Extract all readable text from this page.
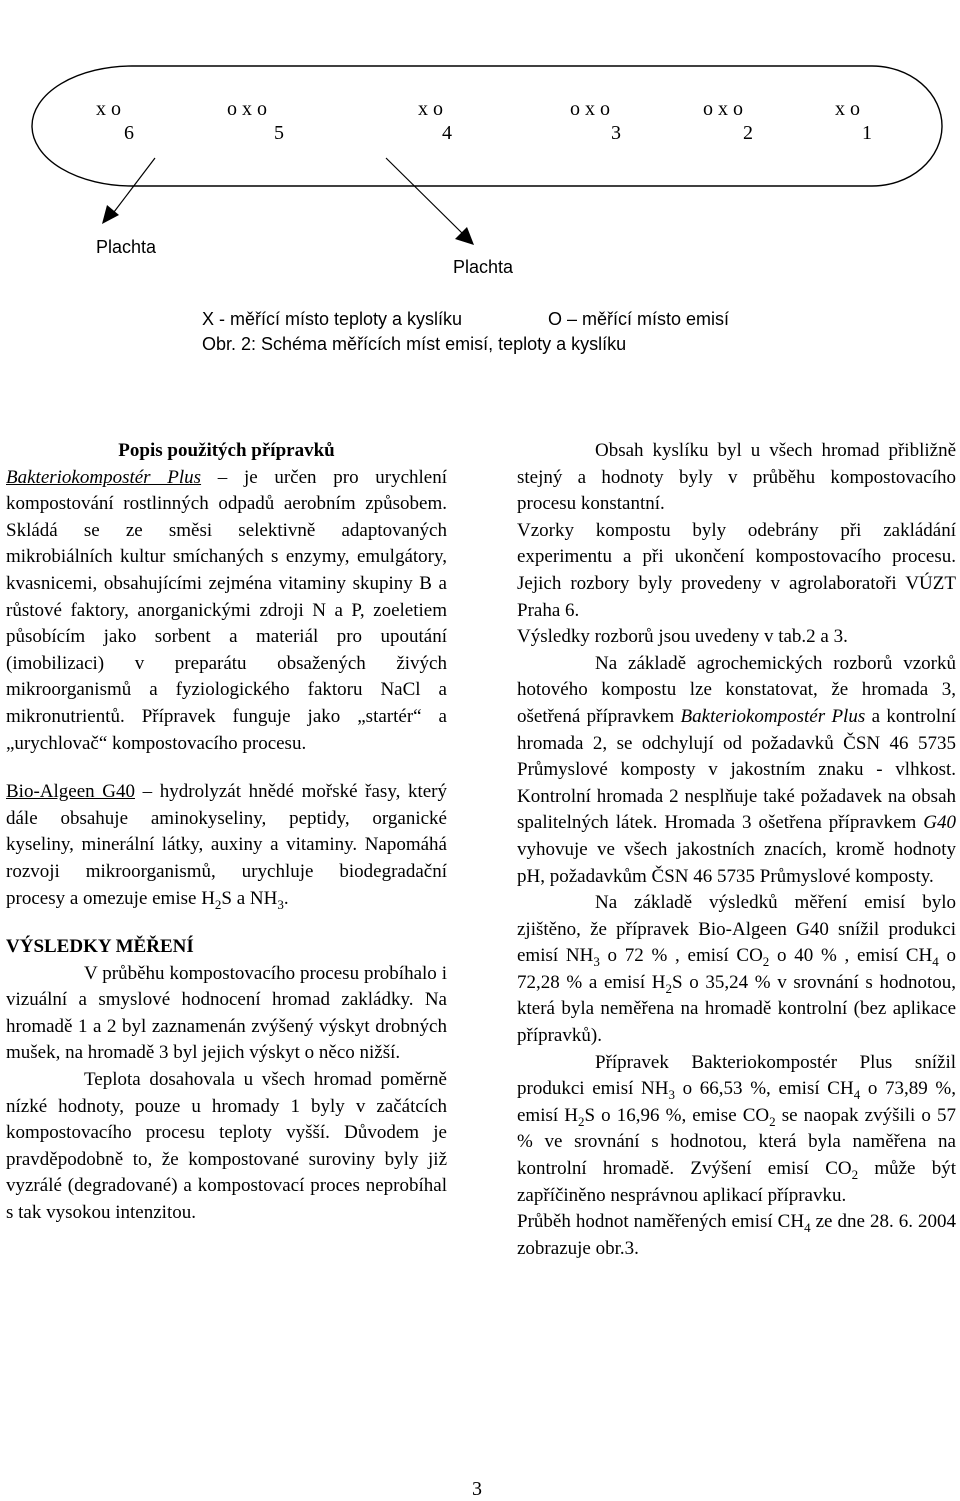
x o
6
o x o
5
x o
4
o x o
3
o x o
2
x o
1
Plachta
Plachta
X - měřící místo teploty a kyslíku	O – měřící místo emisí
Obr. 2: Schéma měřících míst emisí, teploty a kyslíku

Popis použitých přípravků

Bakteriokompostér Plus – je určen pro urychlení kompostování rostlinných odpadů aerobním způsobem. Skládá se ze směsi selektivně adaptovaných mikrobiálních kultur smíchaných s enzymy, emulgátory, kvasnicemi, obsahujícími zejména vitaminy skupiny B a růstové faktory, anorganickými zdroji N a P, zoeletiem působícím jako sorbent a materiál pro upoutání (imobilizaci) v preparátu obsažených živých mikroorganismů a fyziologického faktoru NaCl a mikronutrientů. Přípravek funguje jako „startér“ a „urychlovač“ kompostovacího procesu.

Bio-Algeen G40 – hydrolyzát hnědé mořské řasy, který dále obsahuje aminokyseliny, peptidy, organické kyseliny, minerální látky, auxiny a vitaminy. Napomáhá rozvoji mikroorganismů, urychluje biodegradační procesy a omezuje emise $H_2S$ a $NH_3$.

VÝSLEDKY MĚŘENÍ

V průběhu kompostovacího procesu probíhalo i vizuální a smyslové hodnocení hromad zakládky. Na hromadě 1 a 2 byl zaznamenán zvýšený výskyt drobných mušek, na hromadě 3 byl jejich výskyt o něco nižší.

Teplota dosahovala u všech hromad poměrně nízké hodnoty, pouze u hromady 1 byly v začátcích kompostovacího procesu teploty vyšší. Důvodem je pravděpodobně to, že kompostované suroviny byly již vyzrálé (degradované) a kompostovací proces neprobíhal s tak vysokou intenzitou.

Obsah kyslíku byl u všech hromad přibližně stejný a hodnoty byly v průběhu kompostovacího procesu konstantní.

Vzorky kompostu byly odebrány při zakládání experimentu a při ukončení kompostovacího procesu. Jejich rozbory byly provedeny v agrolaboratoři VÚZT Praha 6.

Výsledky rozborů jsou uvedeny v tab.2 a 3.

Na základě agrochemických rozborů vzorků hotového kompostu lze konstatovat, že hromada 3, ošetřená přípravkem Bakteriokompostér Plus a kontrolní hromada 2, se odchylují od požadavků ČSN 46 5735 Průmyslové komposty v jakostním znaku - vlhkost. Kontrolní hromada 2 nesplňuje také požadavek na obsah spalitelných látek. Hromada 3 ošetřena přípravkem G40 vyhovuje ve všech jakostních znacích, kromě hodnoty pH, požadavkům ČSN 46 5735 Průmyslové komposty.

Na základě výsledků měření emisí bylo zjištěno, že přípravek Bio-Algeen G40 snížil produkci emisí $NH_3$ o 72 % , emisí $CO_2$ o 40 % , emisí $CH_4$ o 72,28 % a emisí $H_2S$ o 35,24 % v srovnání s hodnotou, která byla neměřena na hromadě kontrolní (bez aplikace přípravků).

Přípravek Bakteriokompostér Plus snížil produkci emisí $NH_3$ o 66,53 %, emisí $CH_4$ o 73,89 %, emisí $H_2S$ o 16,96 %, emise $CO_2$ se naopak zvýšili o 57 % ve srovnání s hodnotou, která byla naměřena na kontrolní hromadě. Zvýšení emisí $CO_2$ může být zapříčiněno nesprávnou aplikací přípravku.

Průběh hodnot naměřených emisí $CH_4$ ze dne 28. 6. 2004 zobrazuje obr.3.

3
